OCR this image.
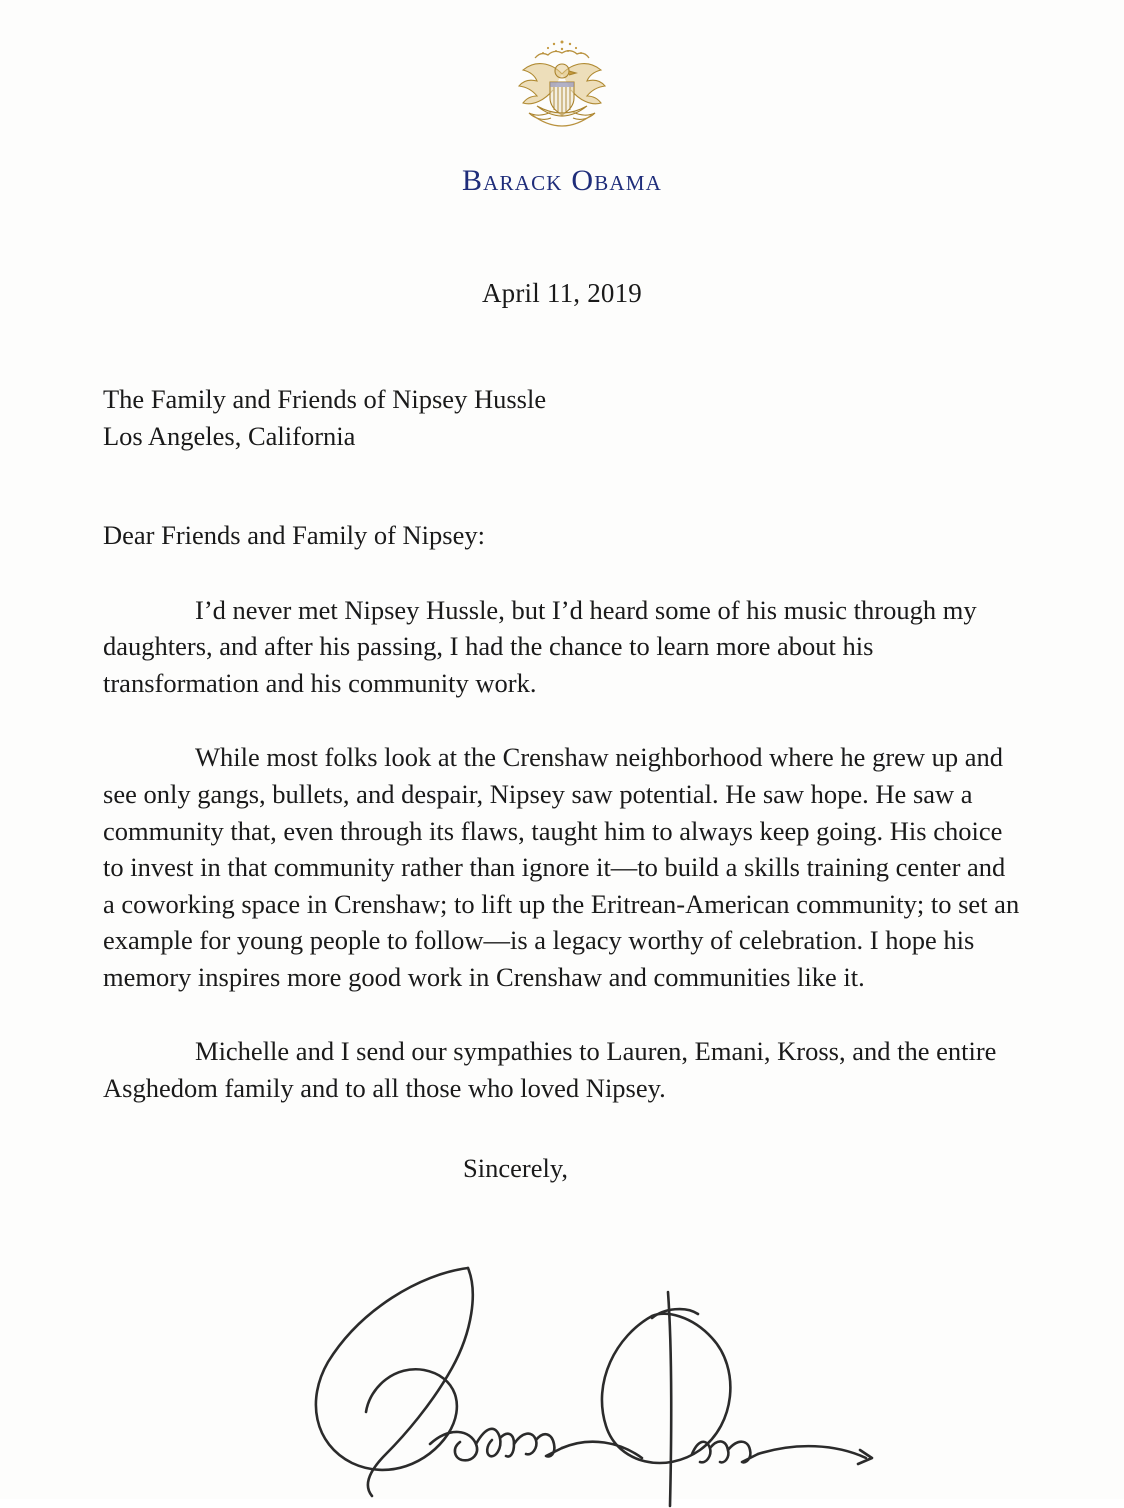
Barack Obama
April 11, 2019
The Family and Friends of Nipsey Hussle
Los Angeles, California
Dear Friends and Family of Nipsey:

I’d never met Nipsey Hussle, but I’d heard some of his music through my daughters, and after his passing, I had the chance to learn more about his transformation and his community work.

While most folks look at the Crenshaw neighborhood where he grew up and see only gangs, bullets, and despair, Nipsey saw potential. He saw hope. He saw a community that, even through its flaws, taught him to always keep going. His choice to invest in that community rather than ignore it—to build a skills training center and a coworking space in Crenshaw; to lift up the Eritrean-American community; to set an example for young people to follow—is a legacy worthy of celebration. I hope his memory inspires more good work in Crenshaw and communities like it.

Michelle and I send our sympathies to Lauren, Emani, Kross, and the entire Asghedom family and to all those who loved Nipsey.

Sincerely,
